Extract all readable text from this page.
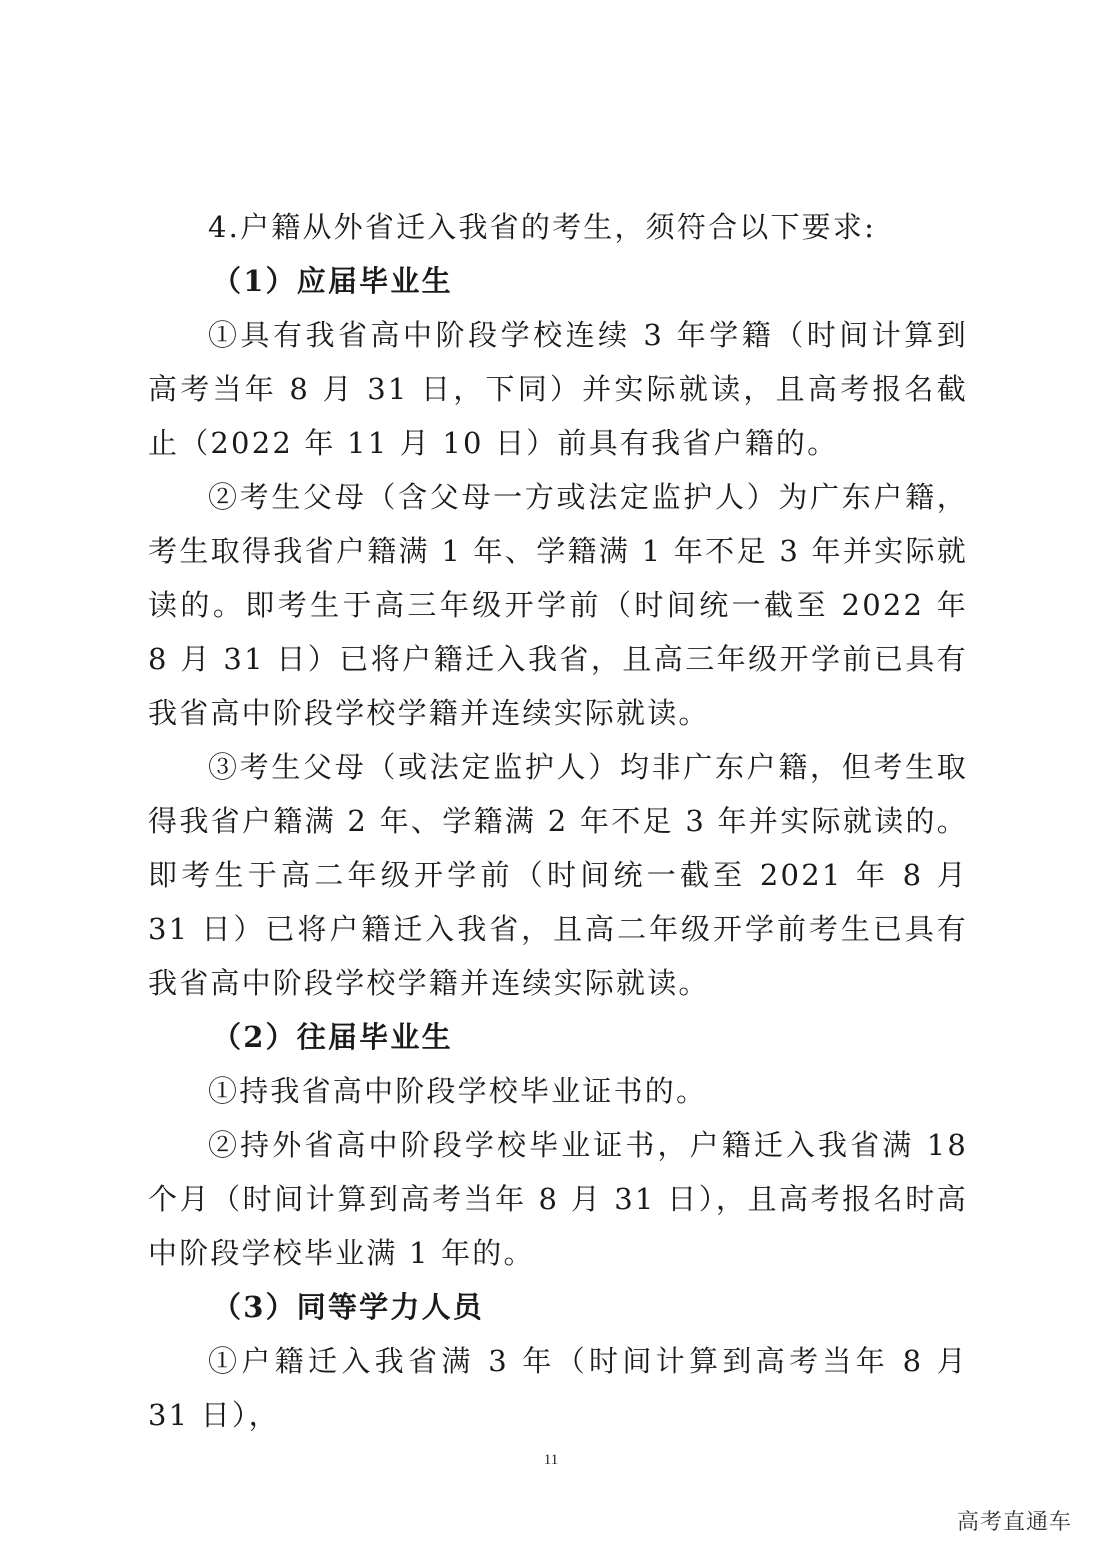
4.户籍从外省迁入我省的考生，须符合以下要求:

（1）应届毕业生

①具有我省高中阶段学校连续 3 年学籍（时间计算到高考当年 8 月 31 日，下同）并实际就读，且高考报名截止（2022 年 11 月 10 日）前具有我省户籍的。

②考生父母（含父母一方或法定监护人）为广东户籍，考生取得我省户籍满 1 年、学籍满 1 年不足 3 年并实际就读的。即考生于高三年级开学前（时间统一截至 2022 年 8 月 31 日）已将户籍迁入我省，且高三年级开学前已具有我省高中阶段学校学籍并连续实际就读。

③考生父母（或法定监护人）均非广东户籍，但考生取得我省户籍满 2 年、学籍满 2 年不足 3 年并实际就读的。即考生于高二年级开学前（时间统一截至 2021 年 8 月 31 日）已将户籍迁入我省，且高二年级开学前考生已具有我省高中阶段学校学籍并连续实际就读。

（2）往届毕业生

①持我省高中阶段学校毕业证书的。

②持外省高中阶段学校毕业证书，户籍迁入我省满 18 个月（时间计算到高考当年 8 月 31 日），且高考报名时高中阶段学校毕业满 1 年的。

（3）同等学力人员

①户籍迁入我省满 3 年（时间计算到高考当年 8 月 31 日），

11
高考直通车
